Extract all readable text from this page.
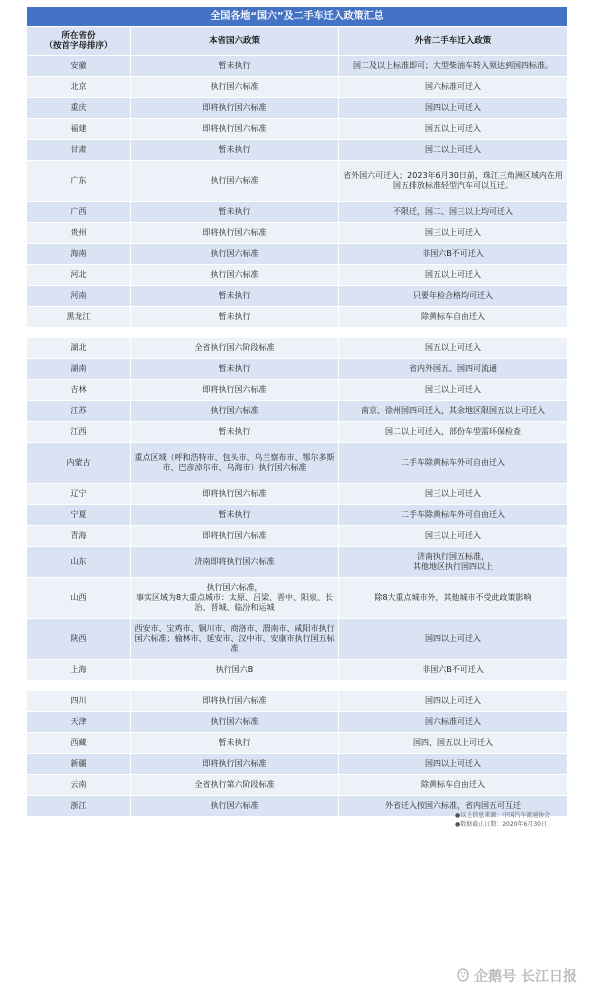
全国各地“国六”及二手车迁入政策汇总		

所在省份
（按首字母排序）	本省国六政策	外省二手车迁入政策
安徽	暂未执行	国二及以上标准即可；大型柴油车转入须达到国四标准。
北京	执行国六标准	国六标准可迁入
重庆	即将执行国六标准	国四以上可迁入
福建	即将执行国六标准	国五以上可迁入
甘肃	暂未执行	国二以上可迁入
广东	执行国六标准	省外国六可迁入；2023年6月30日前，珠江三角洲区域内在用国五排放标准轻型汽车可以互迁。
广西	暂未执行	不限迁，国二、国三以上均可迁入
贵州	即将执行国六标准	国三以上可迁入
海南	执行国六标准	非国六B不可迁入
河北	执行国六标准	国五以上可迁入
河南	暂未执行	只要年检合格均可迁入
黑龙江	暂未执行	除黄标车自由迁入

湖北	全省执行国六阶段标准	国五以上可迁入
湖南	暂未执行	省内外国五、国四可流通
吉林	即将执行国六标准	国三以上可迁入
江苏	执行国六标准	南京、徐州国四可迁入，其余地区限国五以上可迁入
江西	暂未执行	国二以上可迁入，部份车型需环保检查
内蒙古	重点区域（呼和浩特市、包头市、乌兰察布市、鄂尔多斯市、巴彦淖尔市、乌海市）执行国六标准	二手车除黄标车外可自由迁入
辽宁	即将执行国六标准	国三以上可迁入
宁夏	暂未执行	二手车除黄标车外可自由迁入
青海	即将执行国六标准	国三以上可迁入
山东	济南即将执行国六标准	济南执行国五标准，
其他地区执行国四以上
山西	执行国六标准，
事实区域为8大重点城市：太原、吕梁、晋中、阳泉、长治、晋城、临汾和运城	除8大重点城市外，其他城市不受此政策影响
陕西	西安市、宝鸡市、铜川市、商洛市、渭南市、咸阳市执行国六标准；榆林市、延安市、汉中市、安康市执行国五标准	国四以上可迁入
上海	执行国六B	非国六B不可迁入

四川	即将执行国六标准	国四以上可迁入
天津	执行国六标准	国六标准可迁入
西藏	暂未执行	国四、国五以上可迁入
新疆	即将执行国六标准	国四以上可迁入
云南	全省执行第六阶段标准	除黄标车自由迁入
浙江	执行国六标准	外省迁入按国六标准，省内国五可互迁
●以上信息来源：中国汽车流通协会
●数据截止日期：2020年6月30日
企鹅号 长江日报
